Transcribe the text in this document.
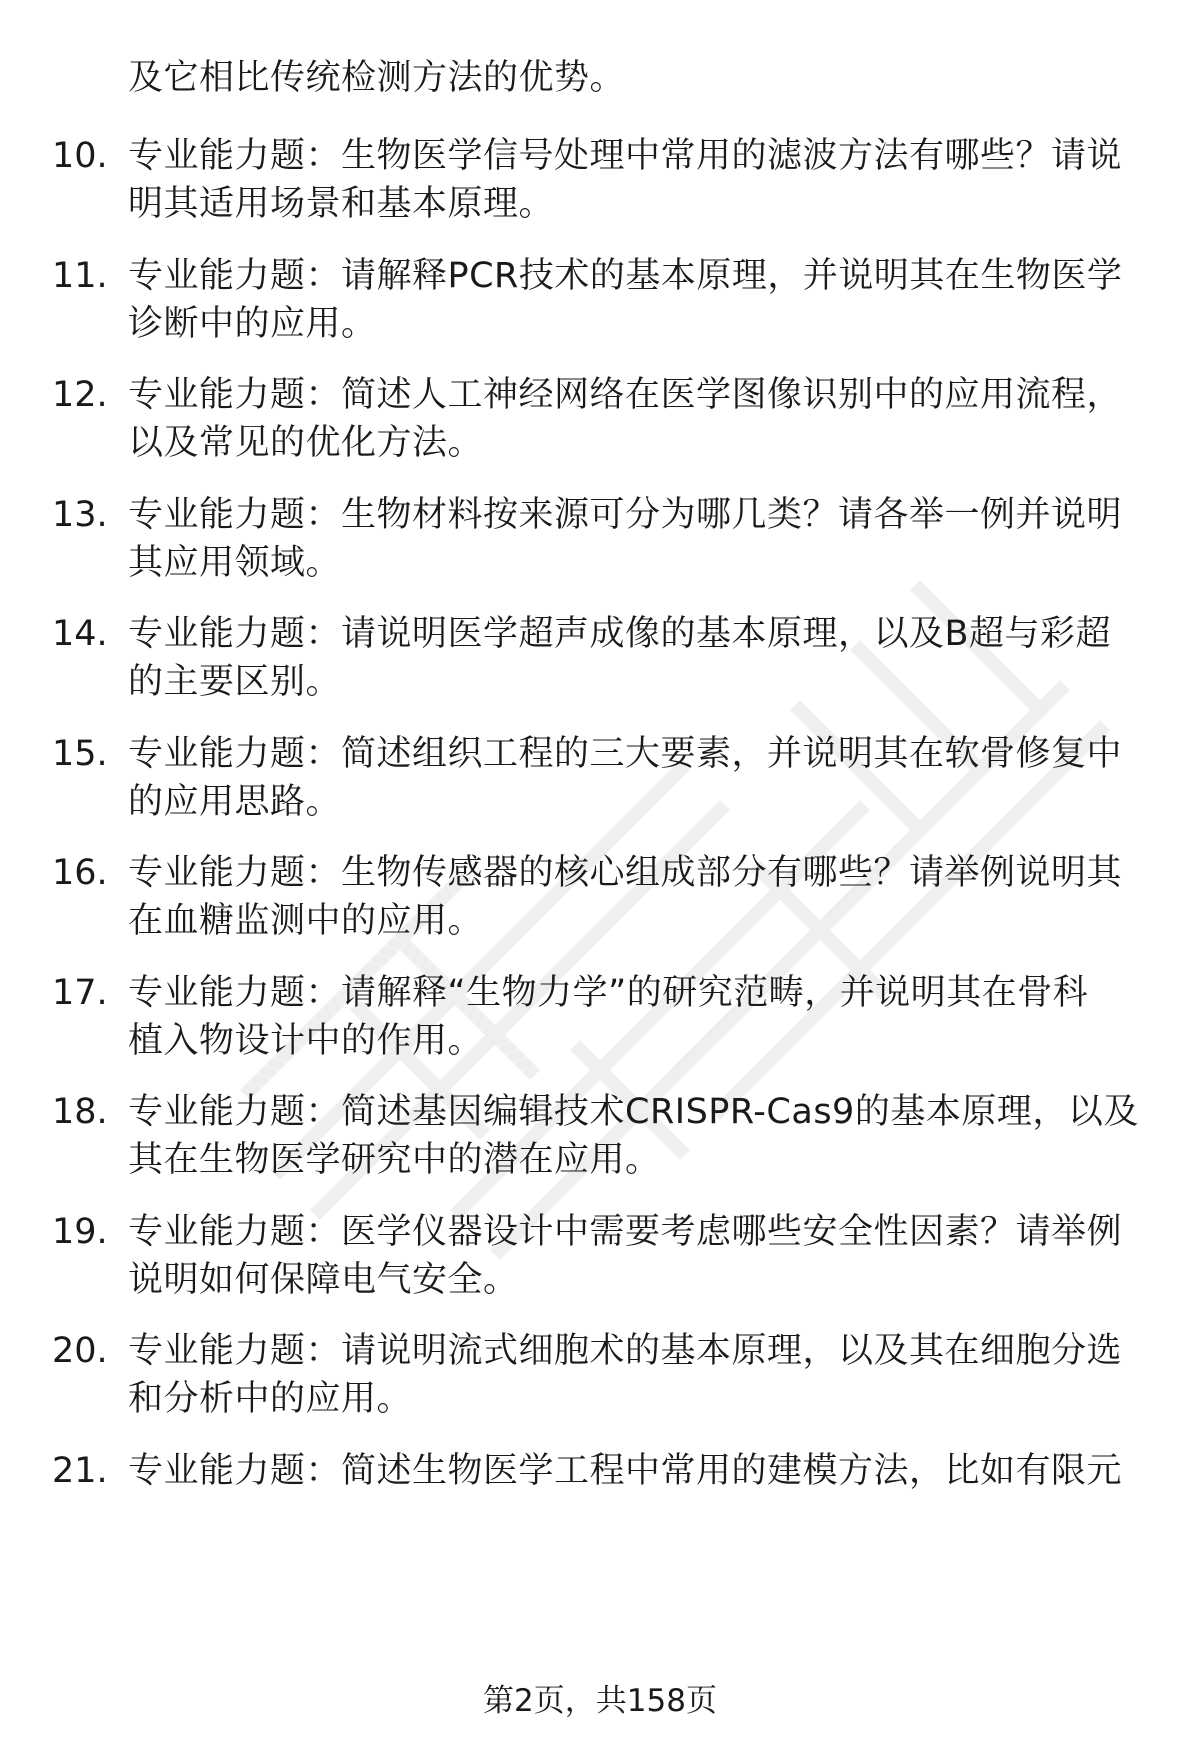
及它相比传统检测方法的优势。
10. 专业能力题：生物医学信号处理中常用的滤波方法有哪些？请说
明其适用场景和基本原理。
11. 专业能力题：请解释PCR技术的基本原理，并说明其在生物医学
诊断中的应用。
12. 专业能力题：简述人工神经网络在医学图像识别中的应用流程，
以及常见的优化方法。
13. 专业能力题：生物材料按来源可分为哪几类？请各举一例并说明
其应用领域。
14. 专业能力题：请说明医学超声成像的基本原理，以及B超与彩超
的主要区别。
15. 专业能力题：简述组织工程的三大要素，并说明其在软骨修复中
的应用思路。
16. 专业能力题：生物传感器的核心组成部分有哪些？请举例说明其
在血糖监测中的应用。
17. 专业能力题：请解释“生物力学”的研究范畴，并说明其在骨科
植入物设计中的作用。
18. 专业能力题：简述基因编辑技术CRISPR-Cas9的基本原理，以及
其在生物医学研究中的潜在应用。
19. 专业能力题：医学仪器设计中需要考虑哪些安全性因素？请举例
说明如何保障电气安全。
20. 专业能力题：请说明流式细胞术的基本原理，以及其在细胞分选
和分析中的应用。
21. 专业能力题：简述生物医学工程中常用的建模方法，比如有限元
第2页，共158页
